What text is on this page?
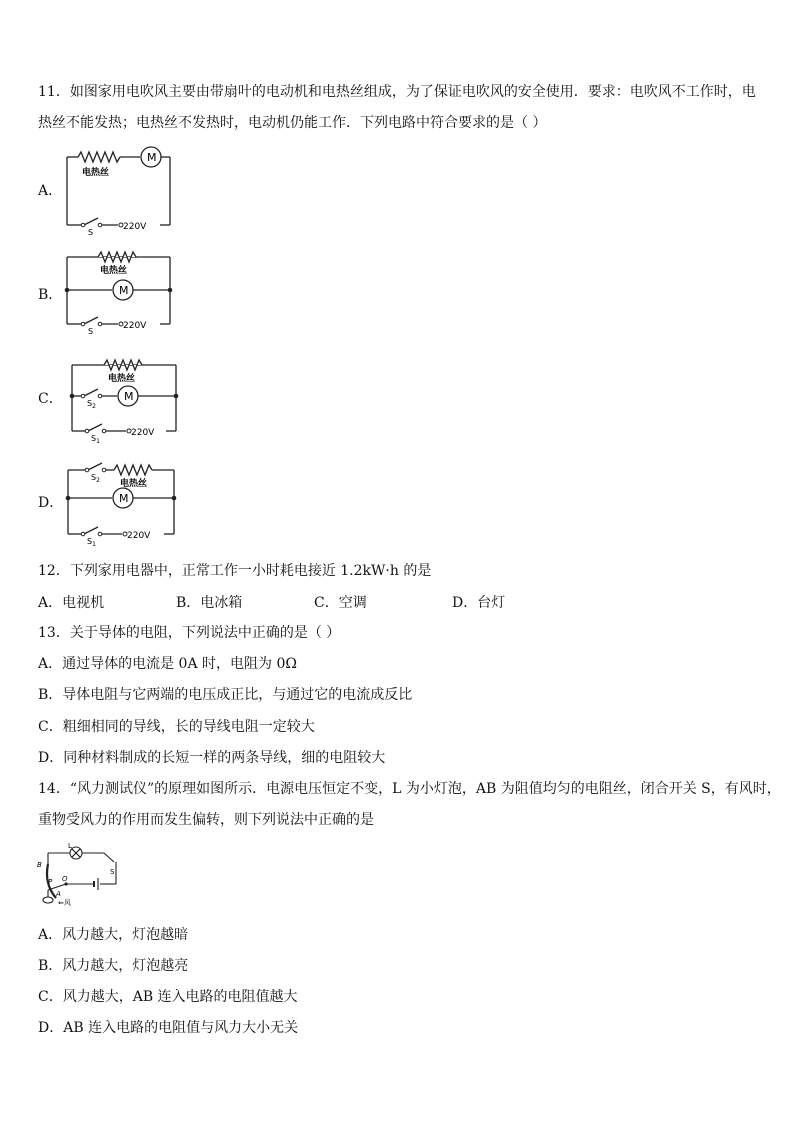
11．如图家用电吹风主要由带扇叶的电动机和电热丝组成，为了保证电吹风的安全使用．要求：电吹风不工作时，电
热丝不能发热；电热丝不发热时，电动机仍能工作．下列电路中符合要求的是（ ）
A．
M
电热丝
S
220V
B．	M
电热丝
S
220V
C．	M
电热丝
$S_2$
$S_1$
220V
D．	M
电热丝
$S_2$
$S_1$
220V
12．下列家用电器中，正常工作一小时耗电接近 1.2kW·h 的是
A．电视机	B．电冰箱	C．空调	D．台灯
13．关于导体的电阻，下列说法中正确的是（ ）
A．通过导体的电流是 0A 时，电阻为 0Ω
B．导体电阻与它两端的电压成正比，与通过它的电流成反比
C．粗细相同的导线，长的导线电阻一定较大
D．同种材料制成的长短一样的两条导线，细的电阻较大
14．“风力测试仪”的原理如图所示．电源电压恒定不变，L 为小灯泡，AB 为阻值均匀的电阻丝，闭合开关 S，有风时，
重物受风力的作用而发生偏转，则下列说法中正确的是
B
L
P O
S
A
⇐风
A．风力越大，灯泡越暗
B．风力越大，灯泡越亮
C．风力越大，AB 连入电路的电阻值越大
D．AB 连入电路的电阻值与风力大小无关
